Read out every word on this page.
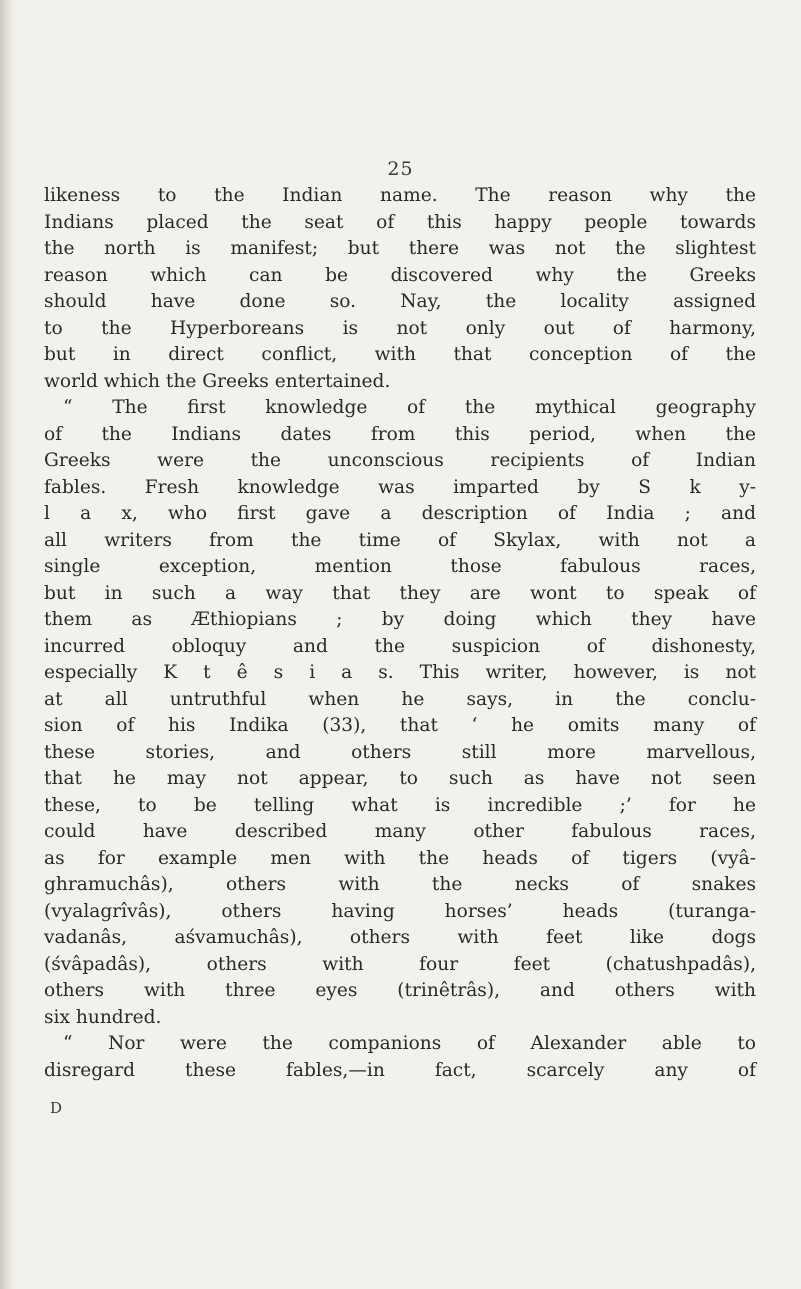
25
likeness to the Indian name. The reason why the
Indians placed the seat of this happy people towards
the north is manifest; but there was not the slightest
reason which can be discovered why the Greeks
should have done so. Nay, the locality assigned
to the Hyperboreans is not only out of harmony,
but in direct conflict, with that conception of the
world which the Greeks entertained.
“ The first knowledge of the mythical geography
of the Indians dates from this period, when the
Greeks were the unconscious recipients of Indian
fables. Fresh knowledge was imparted by S k y-
l a x, who first gave a description of India ; and
all writers from the time of Skylax, with not a
single exception, mention those fabulous races,
but in such a way that they are wont to speak of
them as Æthiopians ; by doing which they have
incurred obloquy and the suspicion of dishonesty,
especially K t ê s i a s. This writer, however, is not
at all untruthful when he says, in the conclu-
sion of his Indika (33), that ‘ he omits many of
these stories, and others still more marvellous,
that he may not appear, to such as have not seen
these, to be telling what is incredible ;’ for he
could have described many other fabulous races,
as for example men with the heads of tigers (vyâ-
ghramuchâs), others with the necks of snakes
(vyalagrîvâs), others having horses’ heads (turanga-
vadanâs, aśvamuchâs), others with feet like dogs
(śvâpadâs), others with four feet (chatushpadâs),
others with three eyes (trinêtrâs), and others with
six hundred.
“ Nor were the companions of Alexander able to
disregard these fables,—in fact, scarcely any of
D
